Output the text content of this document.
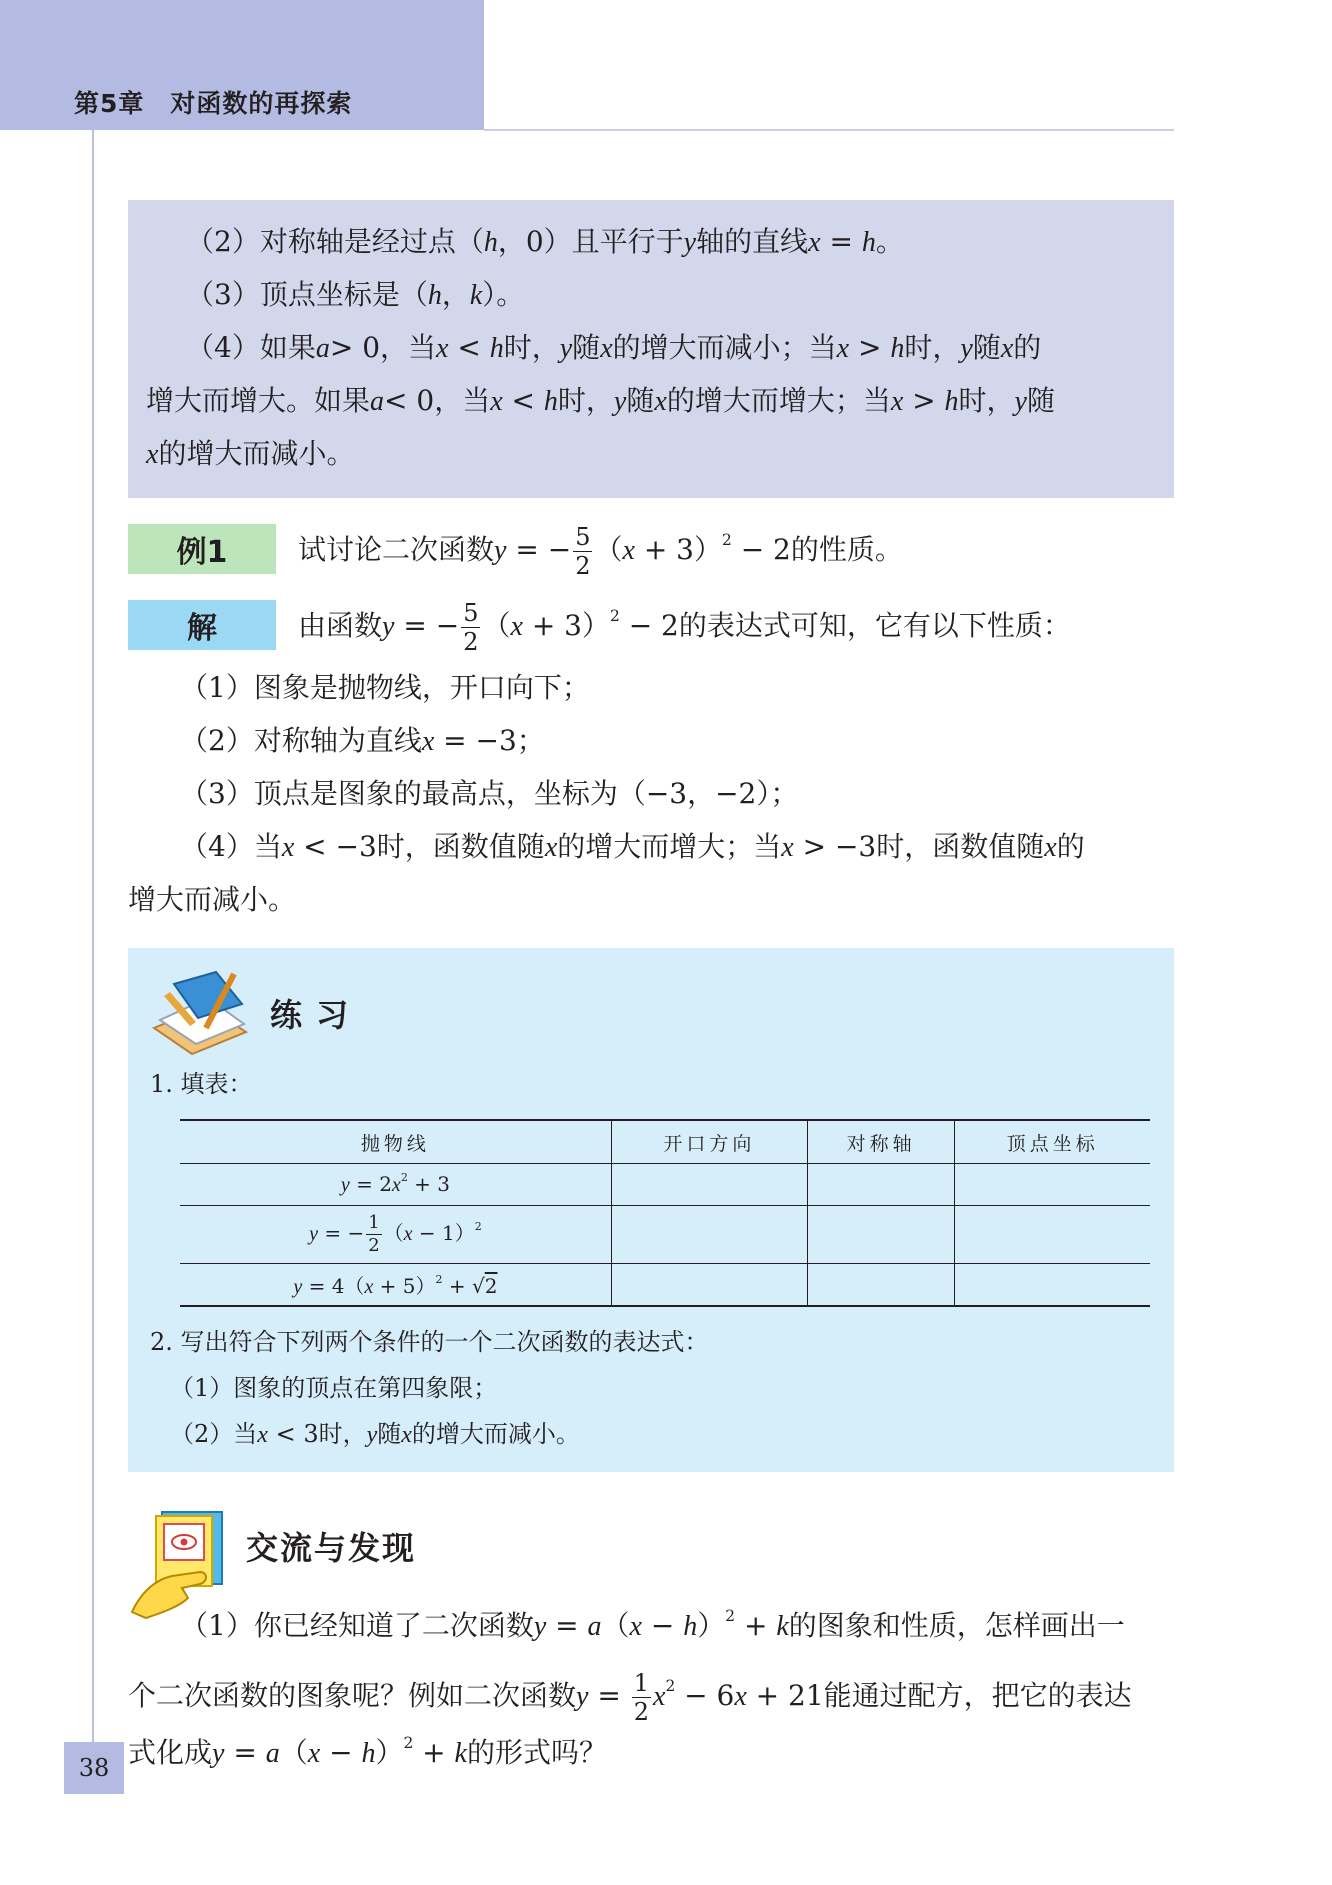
第5章　对函数的再探索
（2）对称轴是经过点（h，0）且平行于y轴的直线x = h。
（3）顶点坐标是（h，k）。
（4）如果a> 0，当x < h时，y随x的增大而减小；当x > h时，y随x的
增大而增大。如果a< 0，当x < h时，y随x的增大而增大；当x > h时，y随
x的增大而减小。
例1	试讨论二次函数y = − $\frac{5}{2} (x + 3)^2 - 2$的性质。
解	由函数y = − $\frac{5}{2} (x + 3)^2 - 2$的表达式可知，它有以下性质：
（1）图象是抛物线，开口向下；
（2）对称轴为直线x = −3；
（3）顶点是图象的最高点，坐标为（−3，−2）；
（4）当x < −3时，函数值随x的增大而增大；当x > −3时，函数值随x的
增大而减小。
练习
1. 填表：
抛物线	开口方向	对称轴	顶点坐标
$y = 2x^2 + 3$			
y = − $\frac{1}{2} (x - 1)^2$			
$y = 4(x + 5)^2 + √2$			
2. 写出符合下列两个条件的一个二次函数的表达式：
（1）图象的顶点在第四象限；
（2）当x < 3时，y随x的增大而减小。
交流与发现
（1）你已经知道了二次函数$y = a(x - h)^2 + k$的图象和性质，怎样画出一
个二次函数的图象呢？例如二次函数$y = \frac{1}{2} x^2 - 6x + 21$能通过配方，把它的表达
式化成$y = a(x - h)^2 + k$的形式吗？
38
